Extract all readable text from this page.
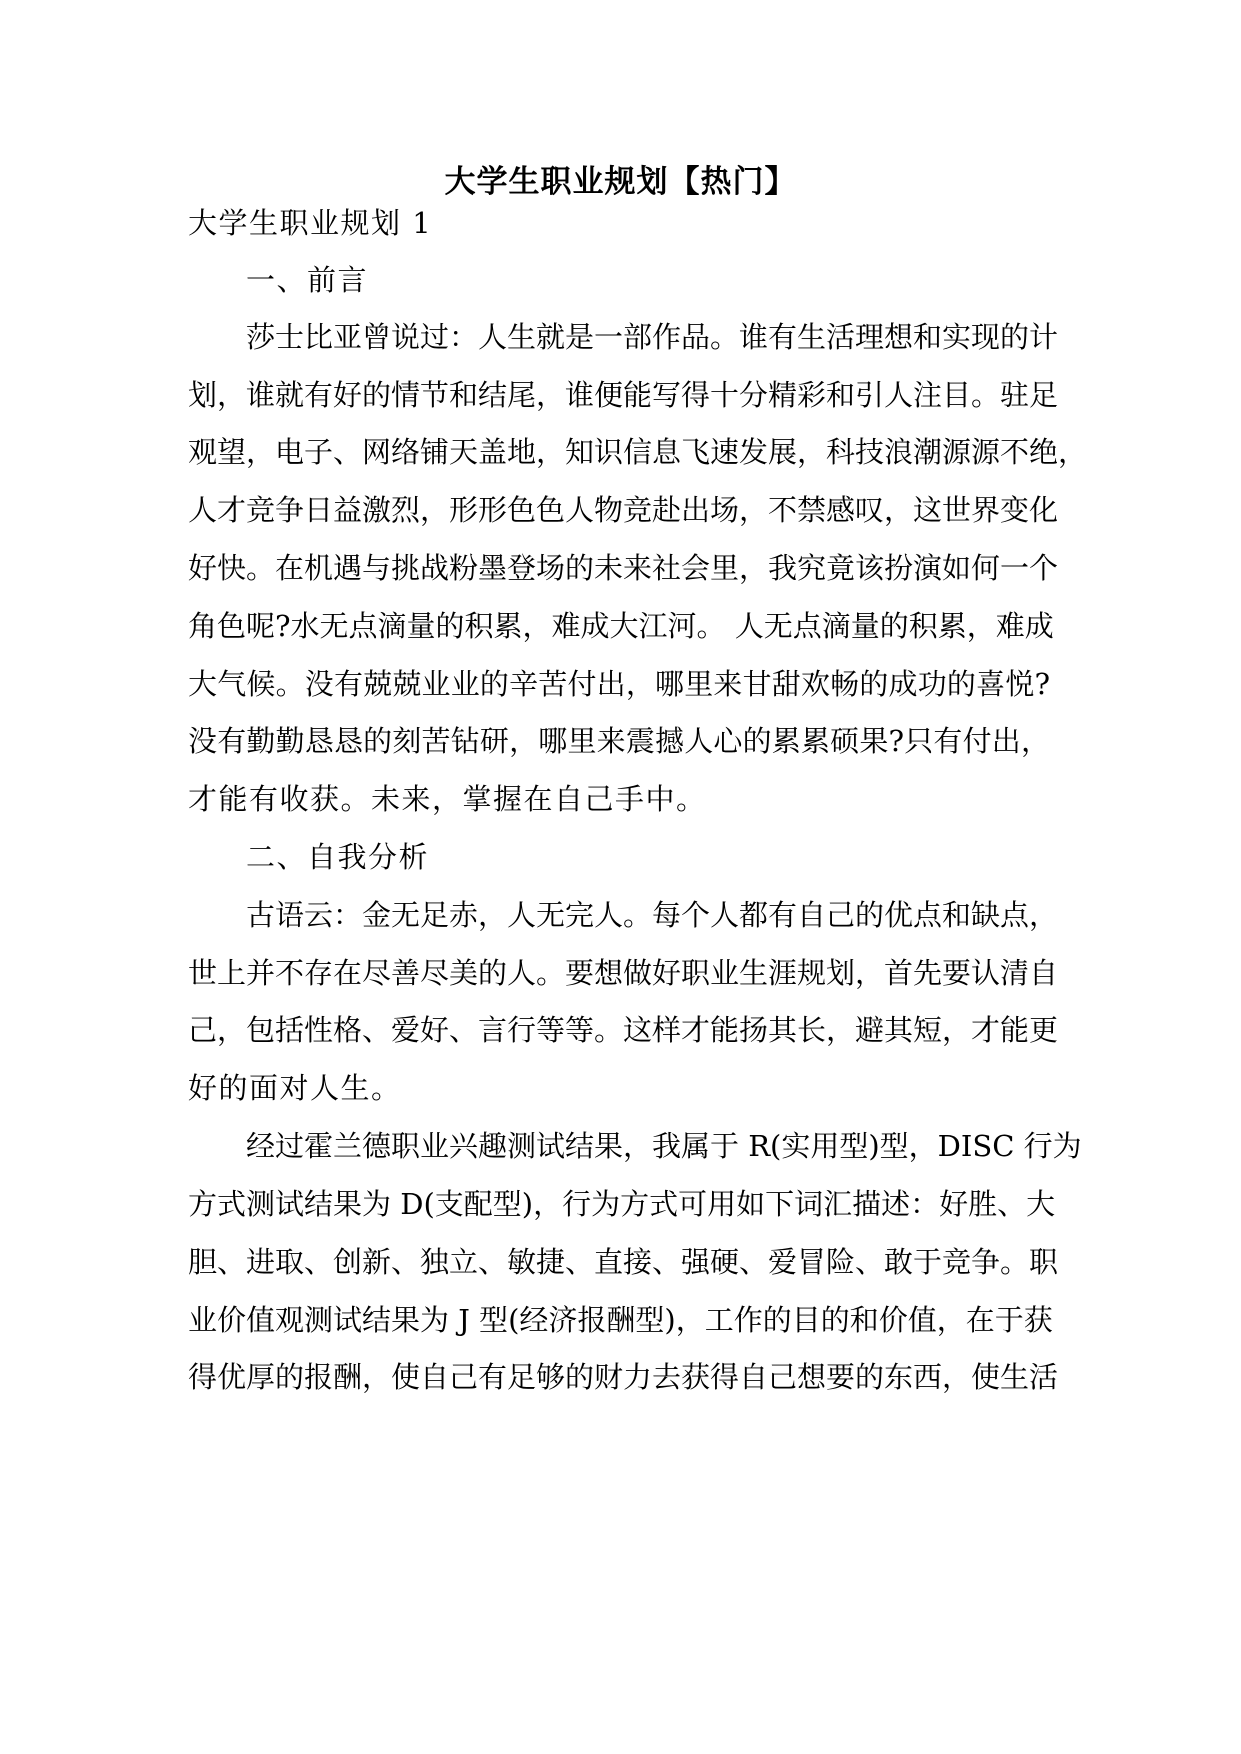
大学生职业规划【热门】
大学生职业规划 1
一、前言
莎士比亚曾说过：人生就是一部作品。谁有生活理想和实现的计
划，谁就有好的情节和结尾，谁便能写得十分精彩和引人注目。驻足
观望，电子、网络铺天盖地，知识信息飞速发展，科技浪潮源源不绝，
人才竞争日益激烈，形形色色人物竞赴出场，不禁感叹，这世界变化
好快。在机遇与挑战粉墨登场的未来社会里，我究竟该扮演如何一个
角色呢?水无点滴量的积累，难成大江河。 人无点滴量的积累，难成
大气候。没有兢兢业业的辛苦付出，哪里来甘甜欢畅的成功的喜悦?
没有勤勤恳恳的刻苦钻研，哪里来震撼人心的累累硕果?只有付出，
才能有收获。未来，掌握在自己手中。
二、自我分析
古语云：金无足赤，人无完人。每个人都有自己的优点和缺点，
世上并不存在尽善尽美的人。要想做好职业生涯规划，首先要认清自
己，包括性格、爱好、言行等等。这样才能扬其长，避其短，才能更
好的面对人生。
经过霍兰德职业兴趣测试结果，我属于 R(实用型)型，DISC 行为
方式测试结果为 D(支配型)，行为方式可用如下词汇描述：好胜、大
胆、进取、创新、独立、敏捷、直接、强硬、爱冒险、敢于竞争。职
业价值观测试结果为 J 型(经济报酬型)，工作的目的和价值，在于获
得优厚的报酬，使自己有足够的财力去获得自己想要的东西，使生活
